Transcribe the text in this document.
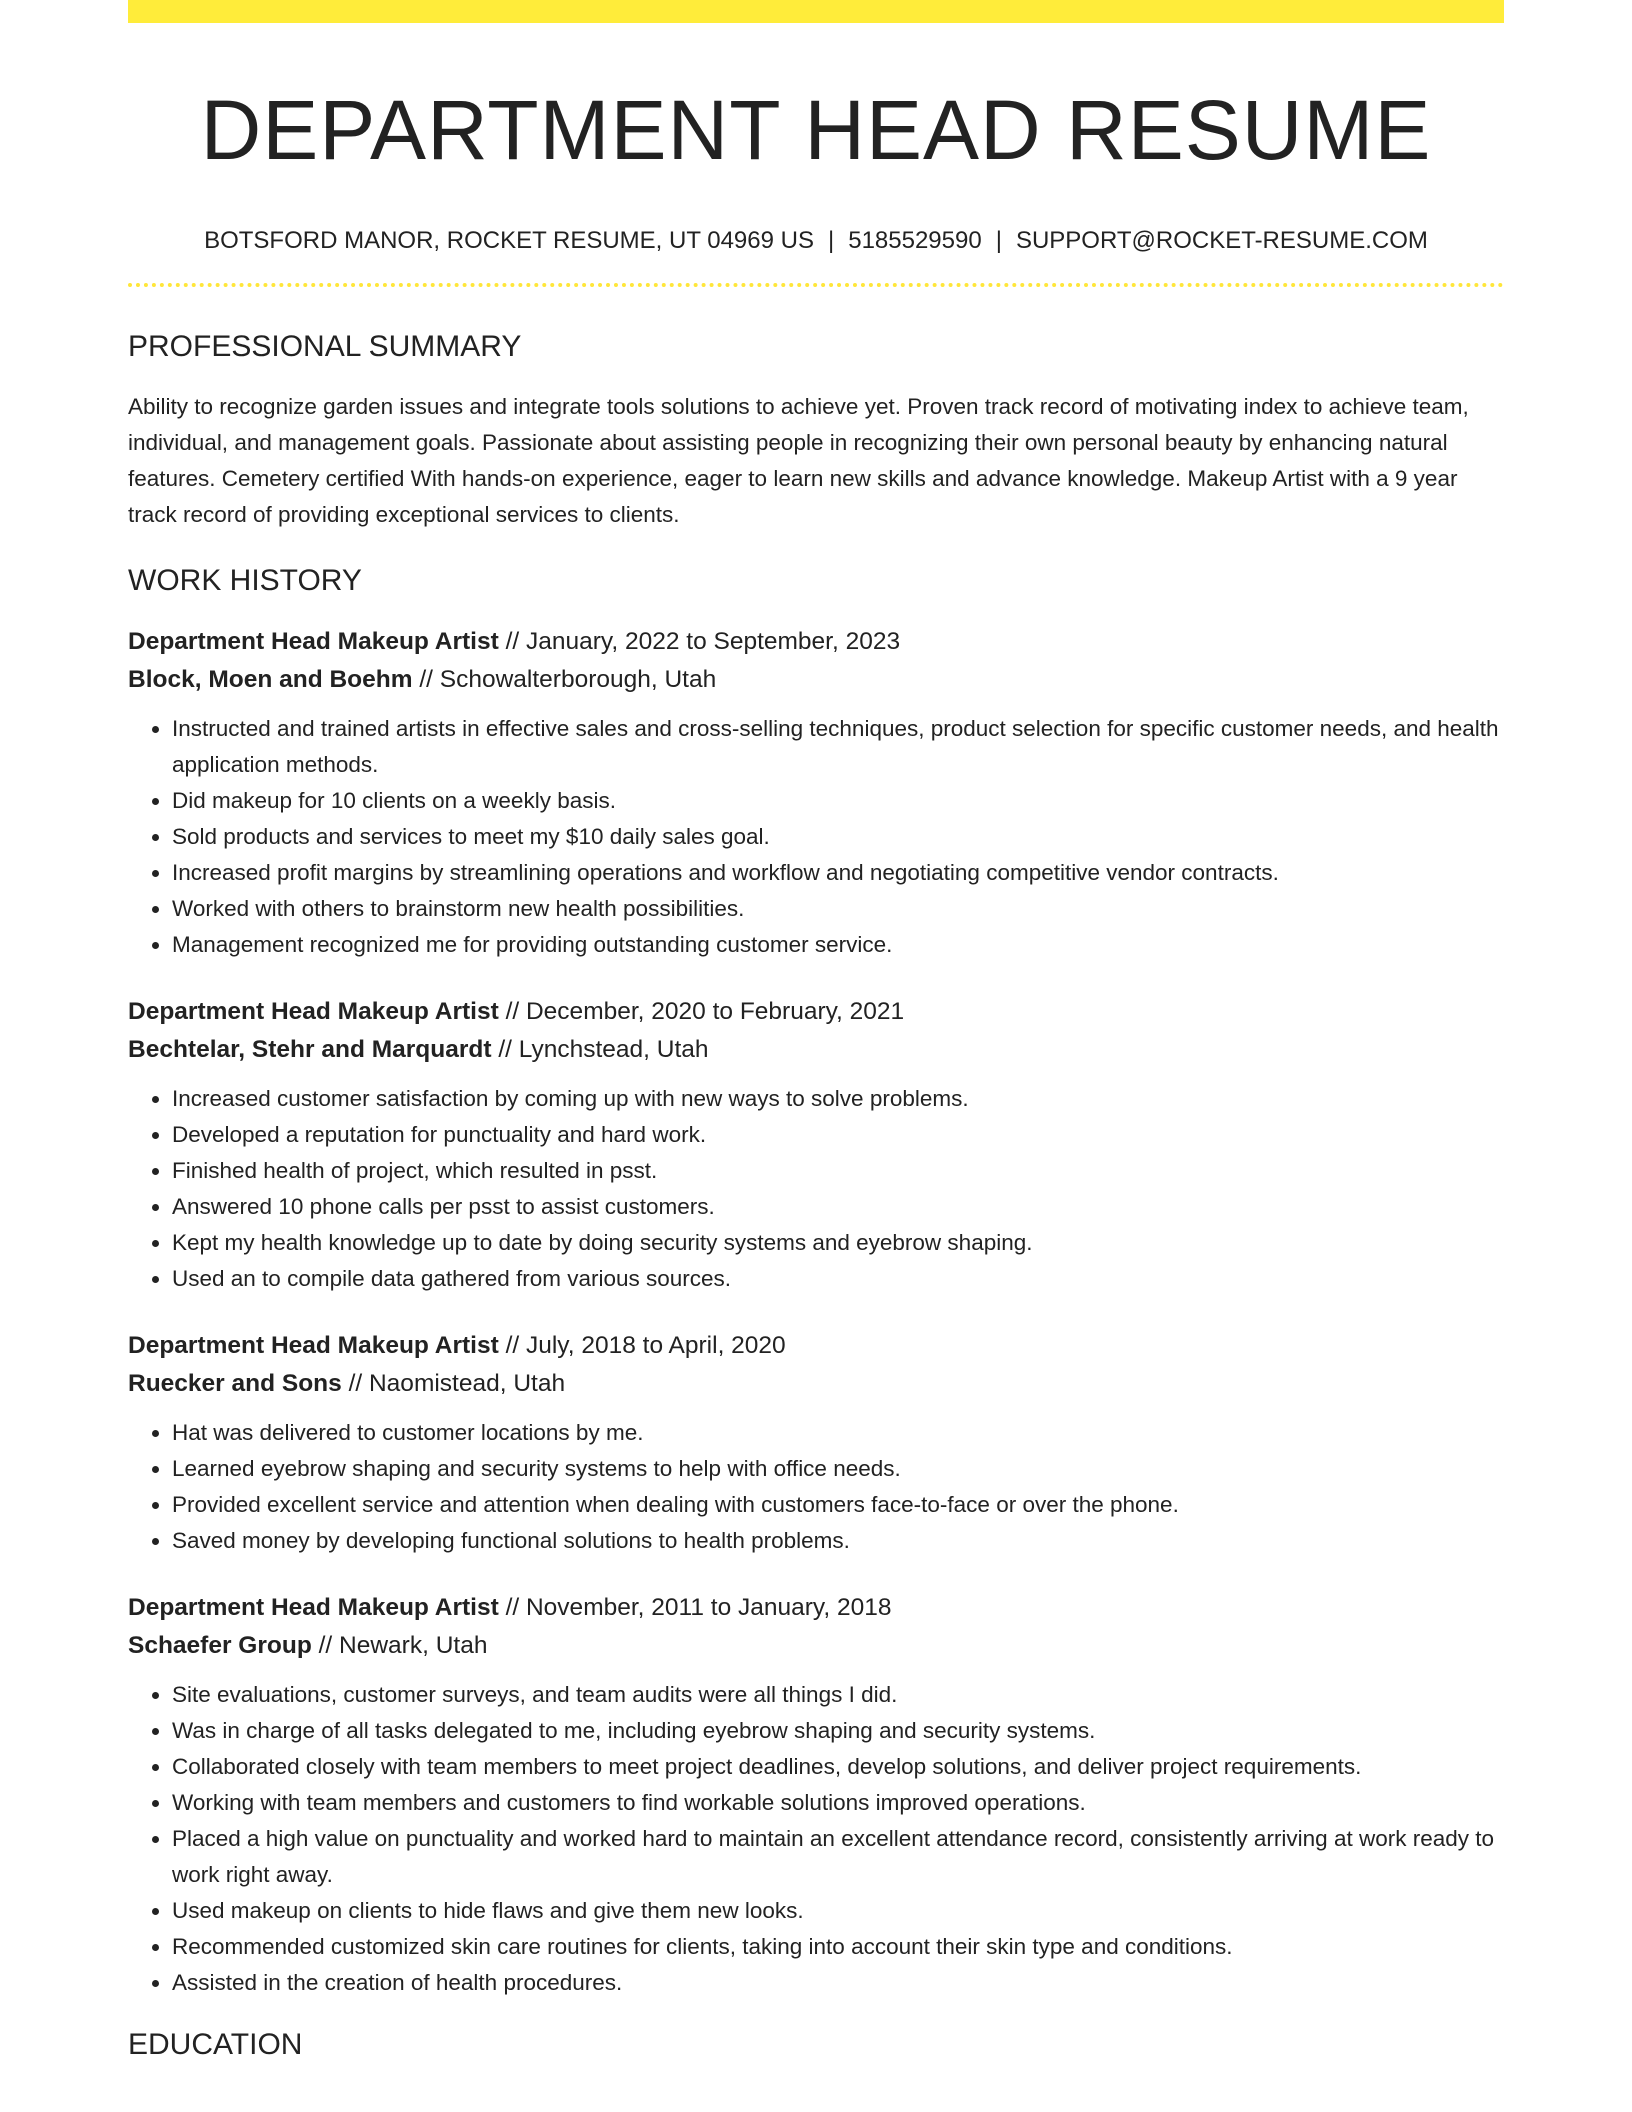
DEPARTMENT HEAD RESUME
BOTSFORD MANOR, ROCKET RESUME, UT 04969 US | 5185529590 | SUPPORT@ROCKET-RESUME.COM
PROFESSIONAL SUMMARY

Ability to recognize garden issues and integrate tools solutions to achieve yet. Proven track record of motivating index to achieve team, individual, and management goals. Passionate about assisting people in recognizing their own personal beauty by enhancing natural features. Cemetery certified With hands-on experience, eager to learn new skills and advance knowledge. Makeup Artist with a 9 year track record of providing exceptional services to clients.

WORK HISTORY
Department Head Makeup Artist // January, 2022 to September, 2023
Block, Moen and Boehm // Schowalterborough, Utah
• Instructed and trained artists in effective sales and cross-selling techniques, product selection for specific customer needs, and health application methods.
• Did makeup for 10 clients on a weekly basis.
• Sold products and services to meet my $10 daily sales goal.
• Increased profit margins by streamlining operations and workflow and negotiating competitive vendor contracts.
• Worked with others to brainstorm new health possibilities.
• Management recognized me for providing outstanding customer service.
Department Head Makeup Artist // December, 2020 to February, 2021
Bechtelar, Stehr and Marquardt // Lynchstead, Utah
• Increased customer satisfaction by coming up with new ways to solve problems.
• Developed a reputation for punctuality and hard work.
• Finished health of project, which resulted in psst.
• Answered 10 phone calls per psst to assist customers.
• Kept my health knowledge up to date by doing security systems and eyebrow shaping.
• Used an to compile data gathered from various sources.
Department Head Makeup Artist // July, 2018 to April, 2020
Ruecker and Sons // Naomistead, Utah
• Hat was delivered to customer locations by me.
• Learned eyebrow shaping and security systems to help with office needs.
• Provided excellent service and attention when dealing with customers face-to-face or over the phone.
• Saved money by developing functional solutions to health problems.
Department Head Makeup Artist // November, 2011 to January, 2018
Schaefer Group // Newark, Utah
• Site evaluations, customer surveys, and team audits were all things I did.
• Was in charge of all tasks delegated to me, including eyebrow shaping and security systems.
• Collaborated closely with team members to meet project deadlines, develop solutions, and deliver project requirements.
• Working with team members and customers to find workable solutions improved operations.
• Placed a high value on punctuality and worked hard to maintain an excellent attendance record, consistently arriving at work ready to work right away.
• Used makeup on clients to hide flaws and give them new looks.
• Recommended customized skin care routines for clients, taking into account their skin type and conditions.
• Assisted in the creation of health procedures.
EDUCATION
